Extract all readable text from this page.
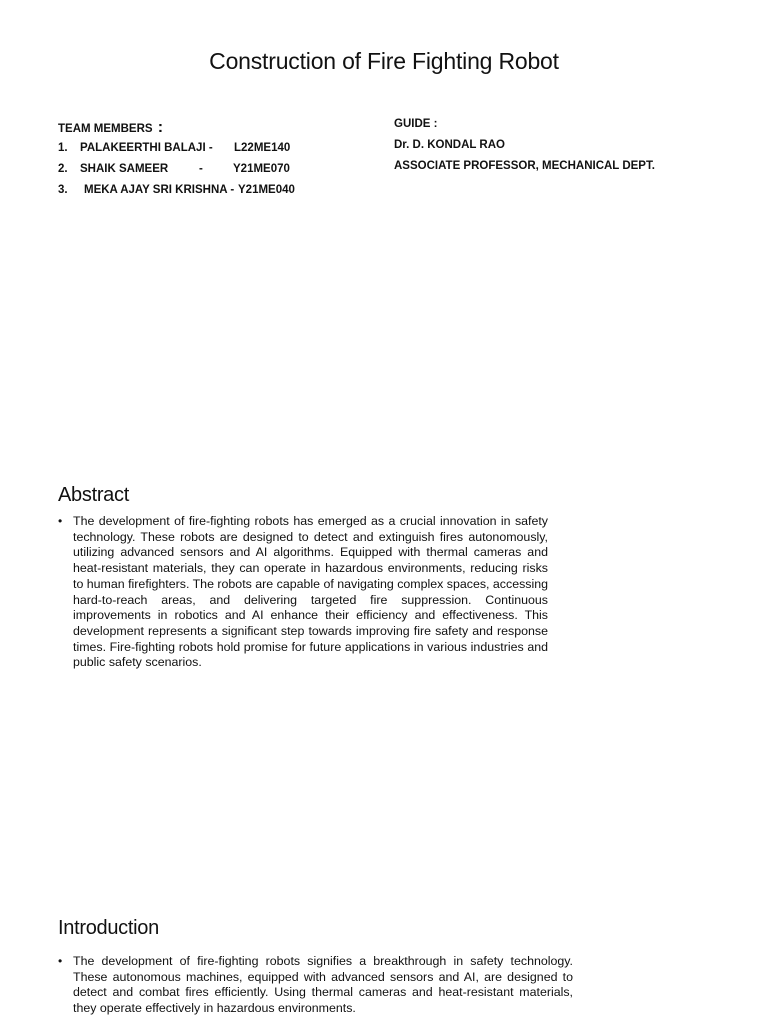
Construction of Fire Fighting Robot
TEAM MEMBERS :
1. PALAKEERTHI BALAJI - L22ME140
2. SHAIK SAMEER	-	Y21ME070
3. MEKA AJAY SRI KRISHNA - Y21ME040
GUIDE :
Dr. D. KONDAL RAO
ASSOCIATE PROFESSOR, MECHANICAL DEPT.
Abstract
• The development of fire-fighting robots has emerged as a crucial innovation in safety technology. These robots are designed to detect and extinguish fires autonomously, utilizing advanced sensors and AI algorithms. Equipped with thermal cameras and heat-resistant materials, they can operate in hazardous environments, reducing risks to human firefighters. The robots are capable of navigating complex spaces, accessing hard-to-reach areas, and delivering targeted fire suppression. Continuous improvements in robotics and AI enhance their efficiency and effectiveness. This development represents a significant step towards improving fire safety and response times. Fire-fighting robots hold promise for future applications in various industries and public safety scenarios.
Introduction
• The development of fire-fighting robots signifies a breakthrough in safety technology. These autonomous machines, equipped with advanced sensors and AI, are designed to detect and combat fires efficiently. Using thermal cameras and heat-resistant materials, they operate effectively in hazardous environments.
